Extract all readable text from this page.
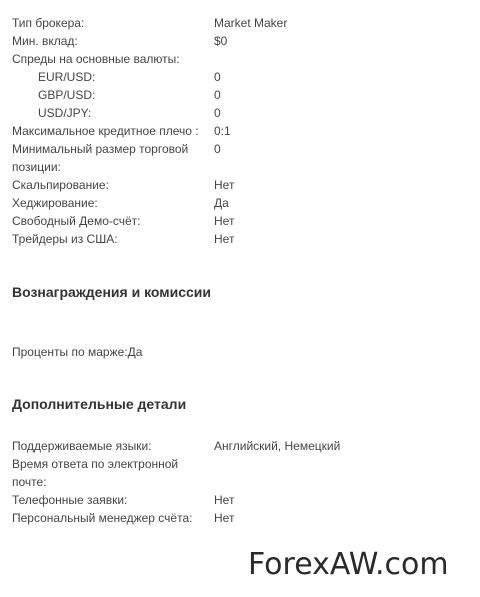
Тип брокера:	Market Maker
Мин. вклад:	$0
Спреды на основные валюты:
EUR/USD:	0
GBP/USD:	0
USD/JPY:	0
Максимальное кредитное плечо : 0:1
Минимальный размер торговой позиции:
0
Скальпирование:	Нет
Хеджирование:	Да
Свободный Демо-счёт:	Нет
Трейдеры из США:	Нет
Вознаграждения и комиссии
Проценты по марже:Да
Дополнительные детали
Поддерживаемые языки:	Английский, Немецкий
Время ответа по электронной почте:
Телефонные заявки:	Нет
Персональный менеджер счёта: Нет
ForexAW.com
